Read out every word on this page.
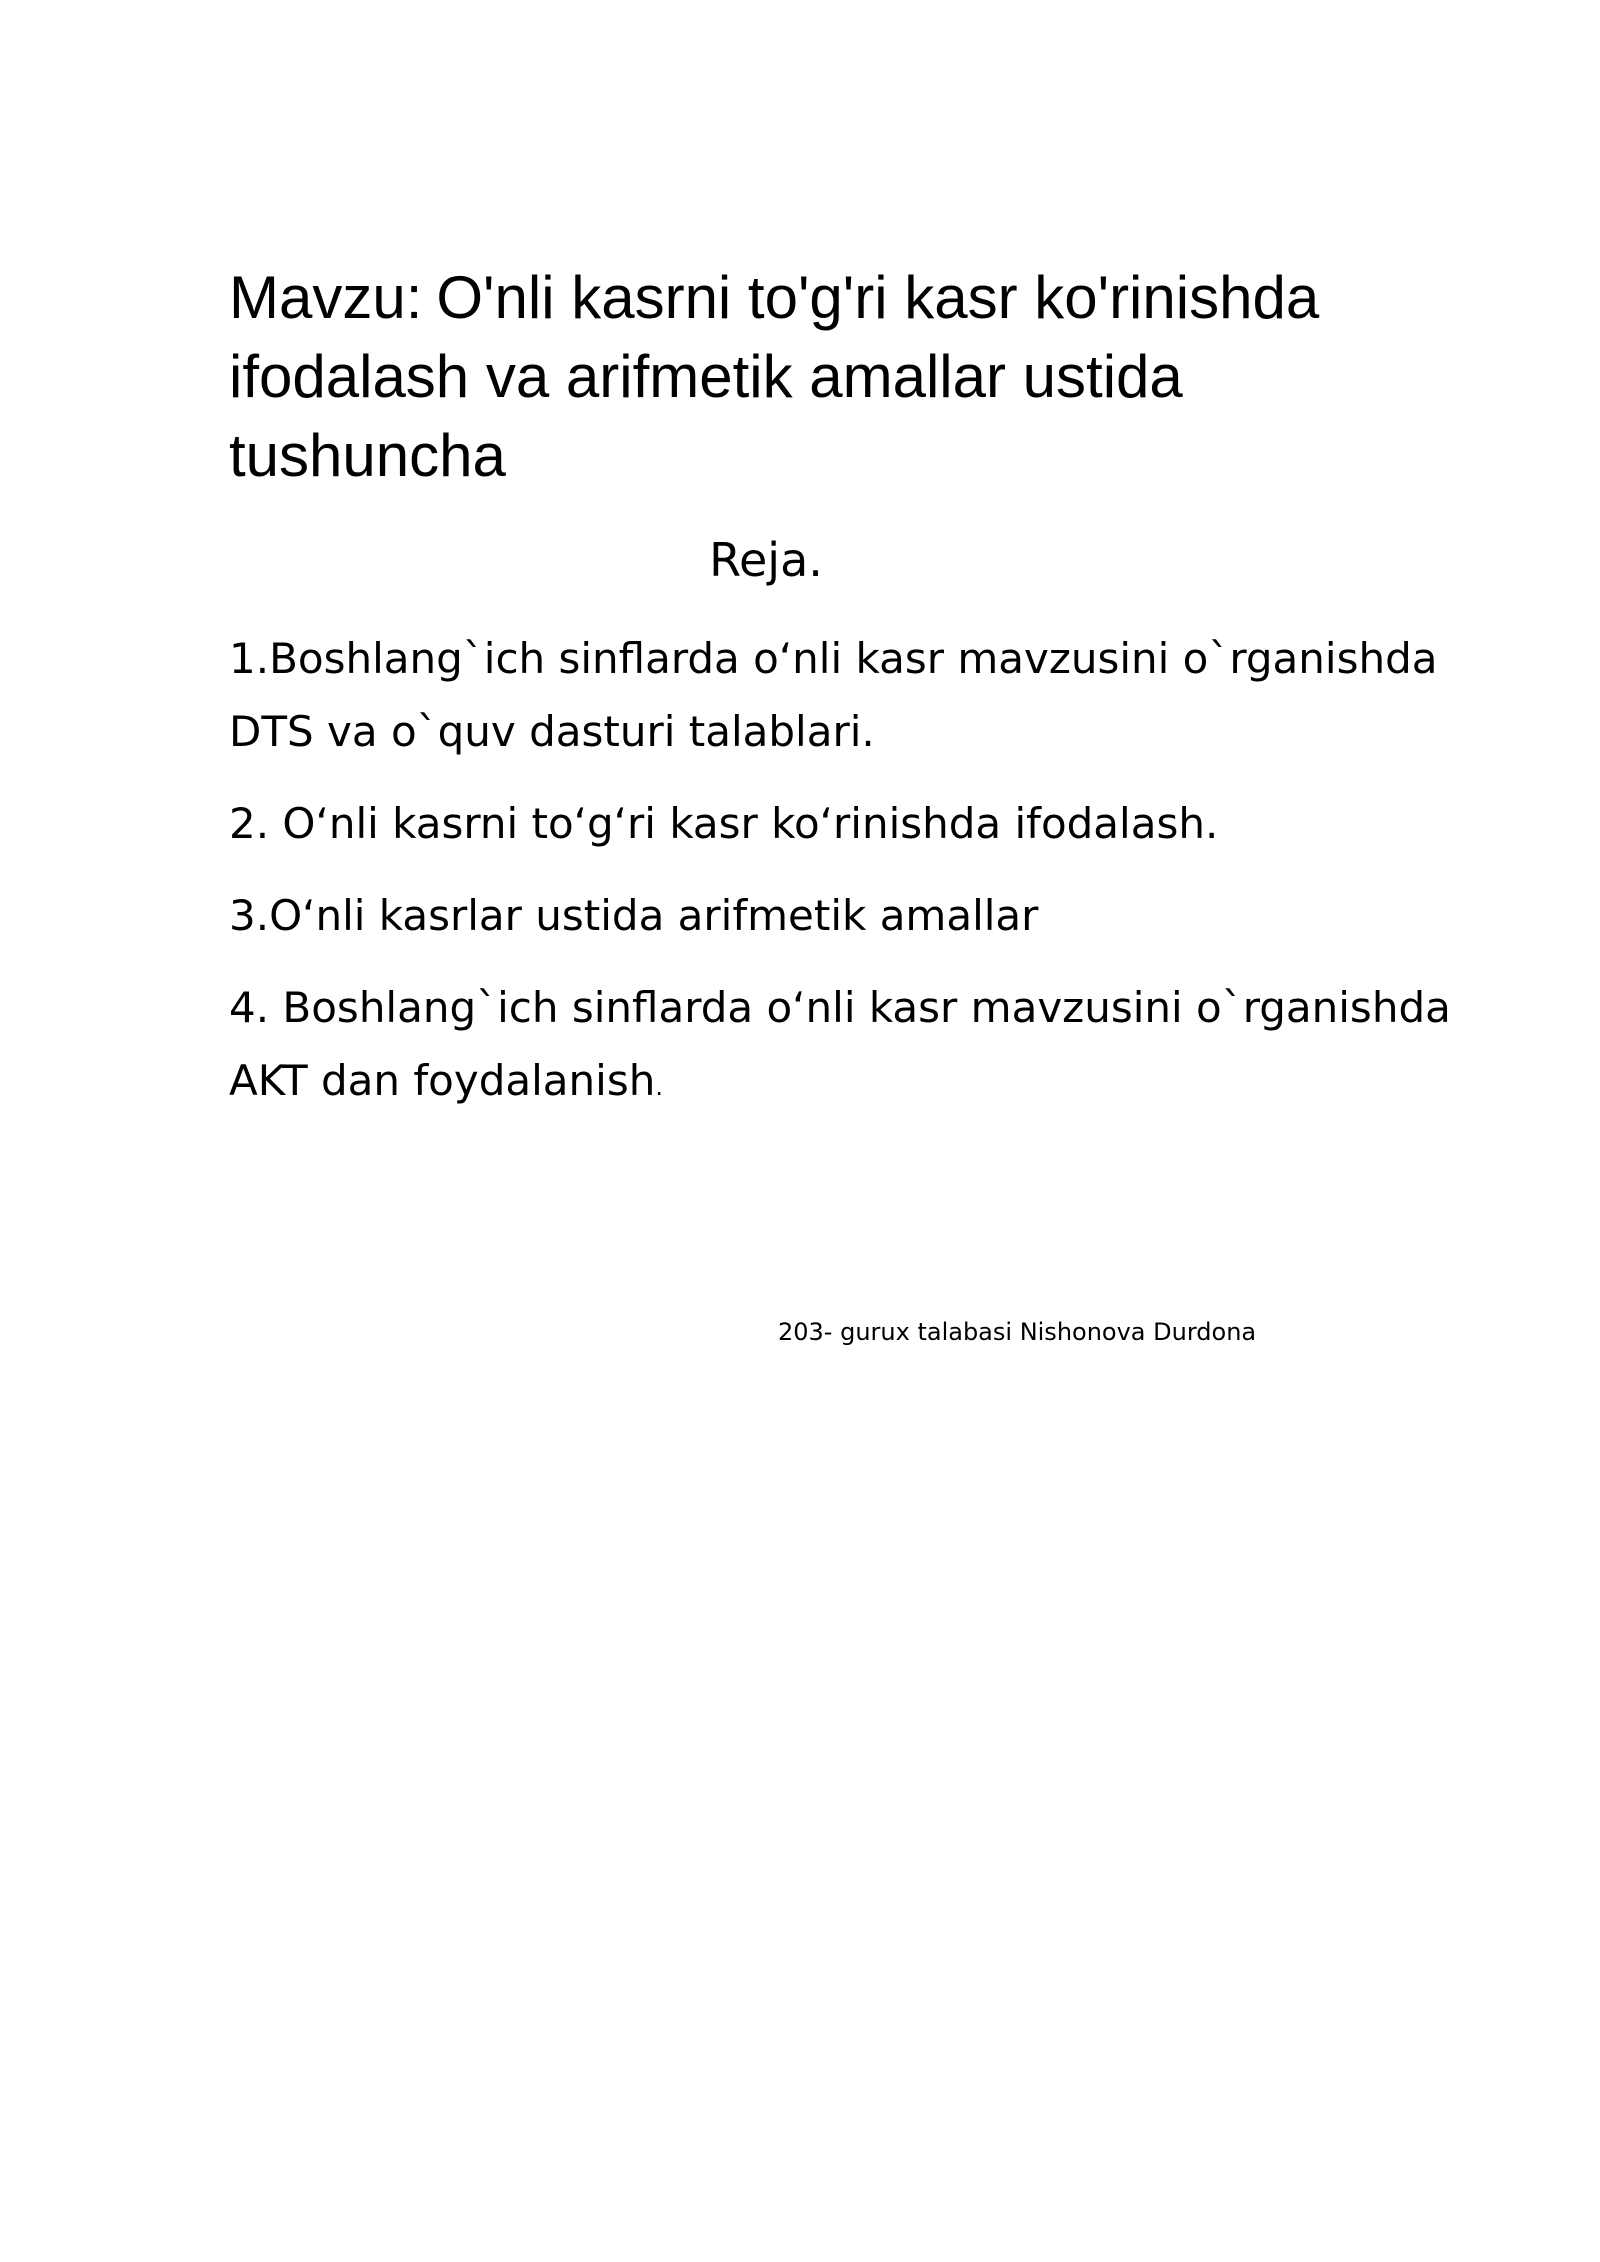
Mavzu: O'nli kasrni to'g'ri kasr ko'rinishda ifodalash va arifmetik amallar ustida tushuncha
Reja.
1.Boshlang`ich sinflarda o‘nli kasr mavzusini o`rganishda DTS va o`quv dasturi talablari.
2. O‘nli kasrni to‘g‘ri kasr ko‘rinishda ifodalash.
3.O‘nli kasrlar ustida arifmetik amallar
4. Boshlang`ich sinflarda o‘nli kasr mavzusini o`rganishda AKT dan foydalanish.

203- gurux talabasi Nishonova Durdona
